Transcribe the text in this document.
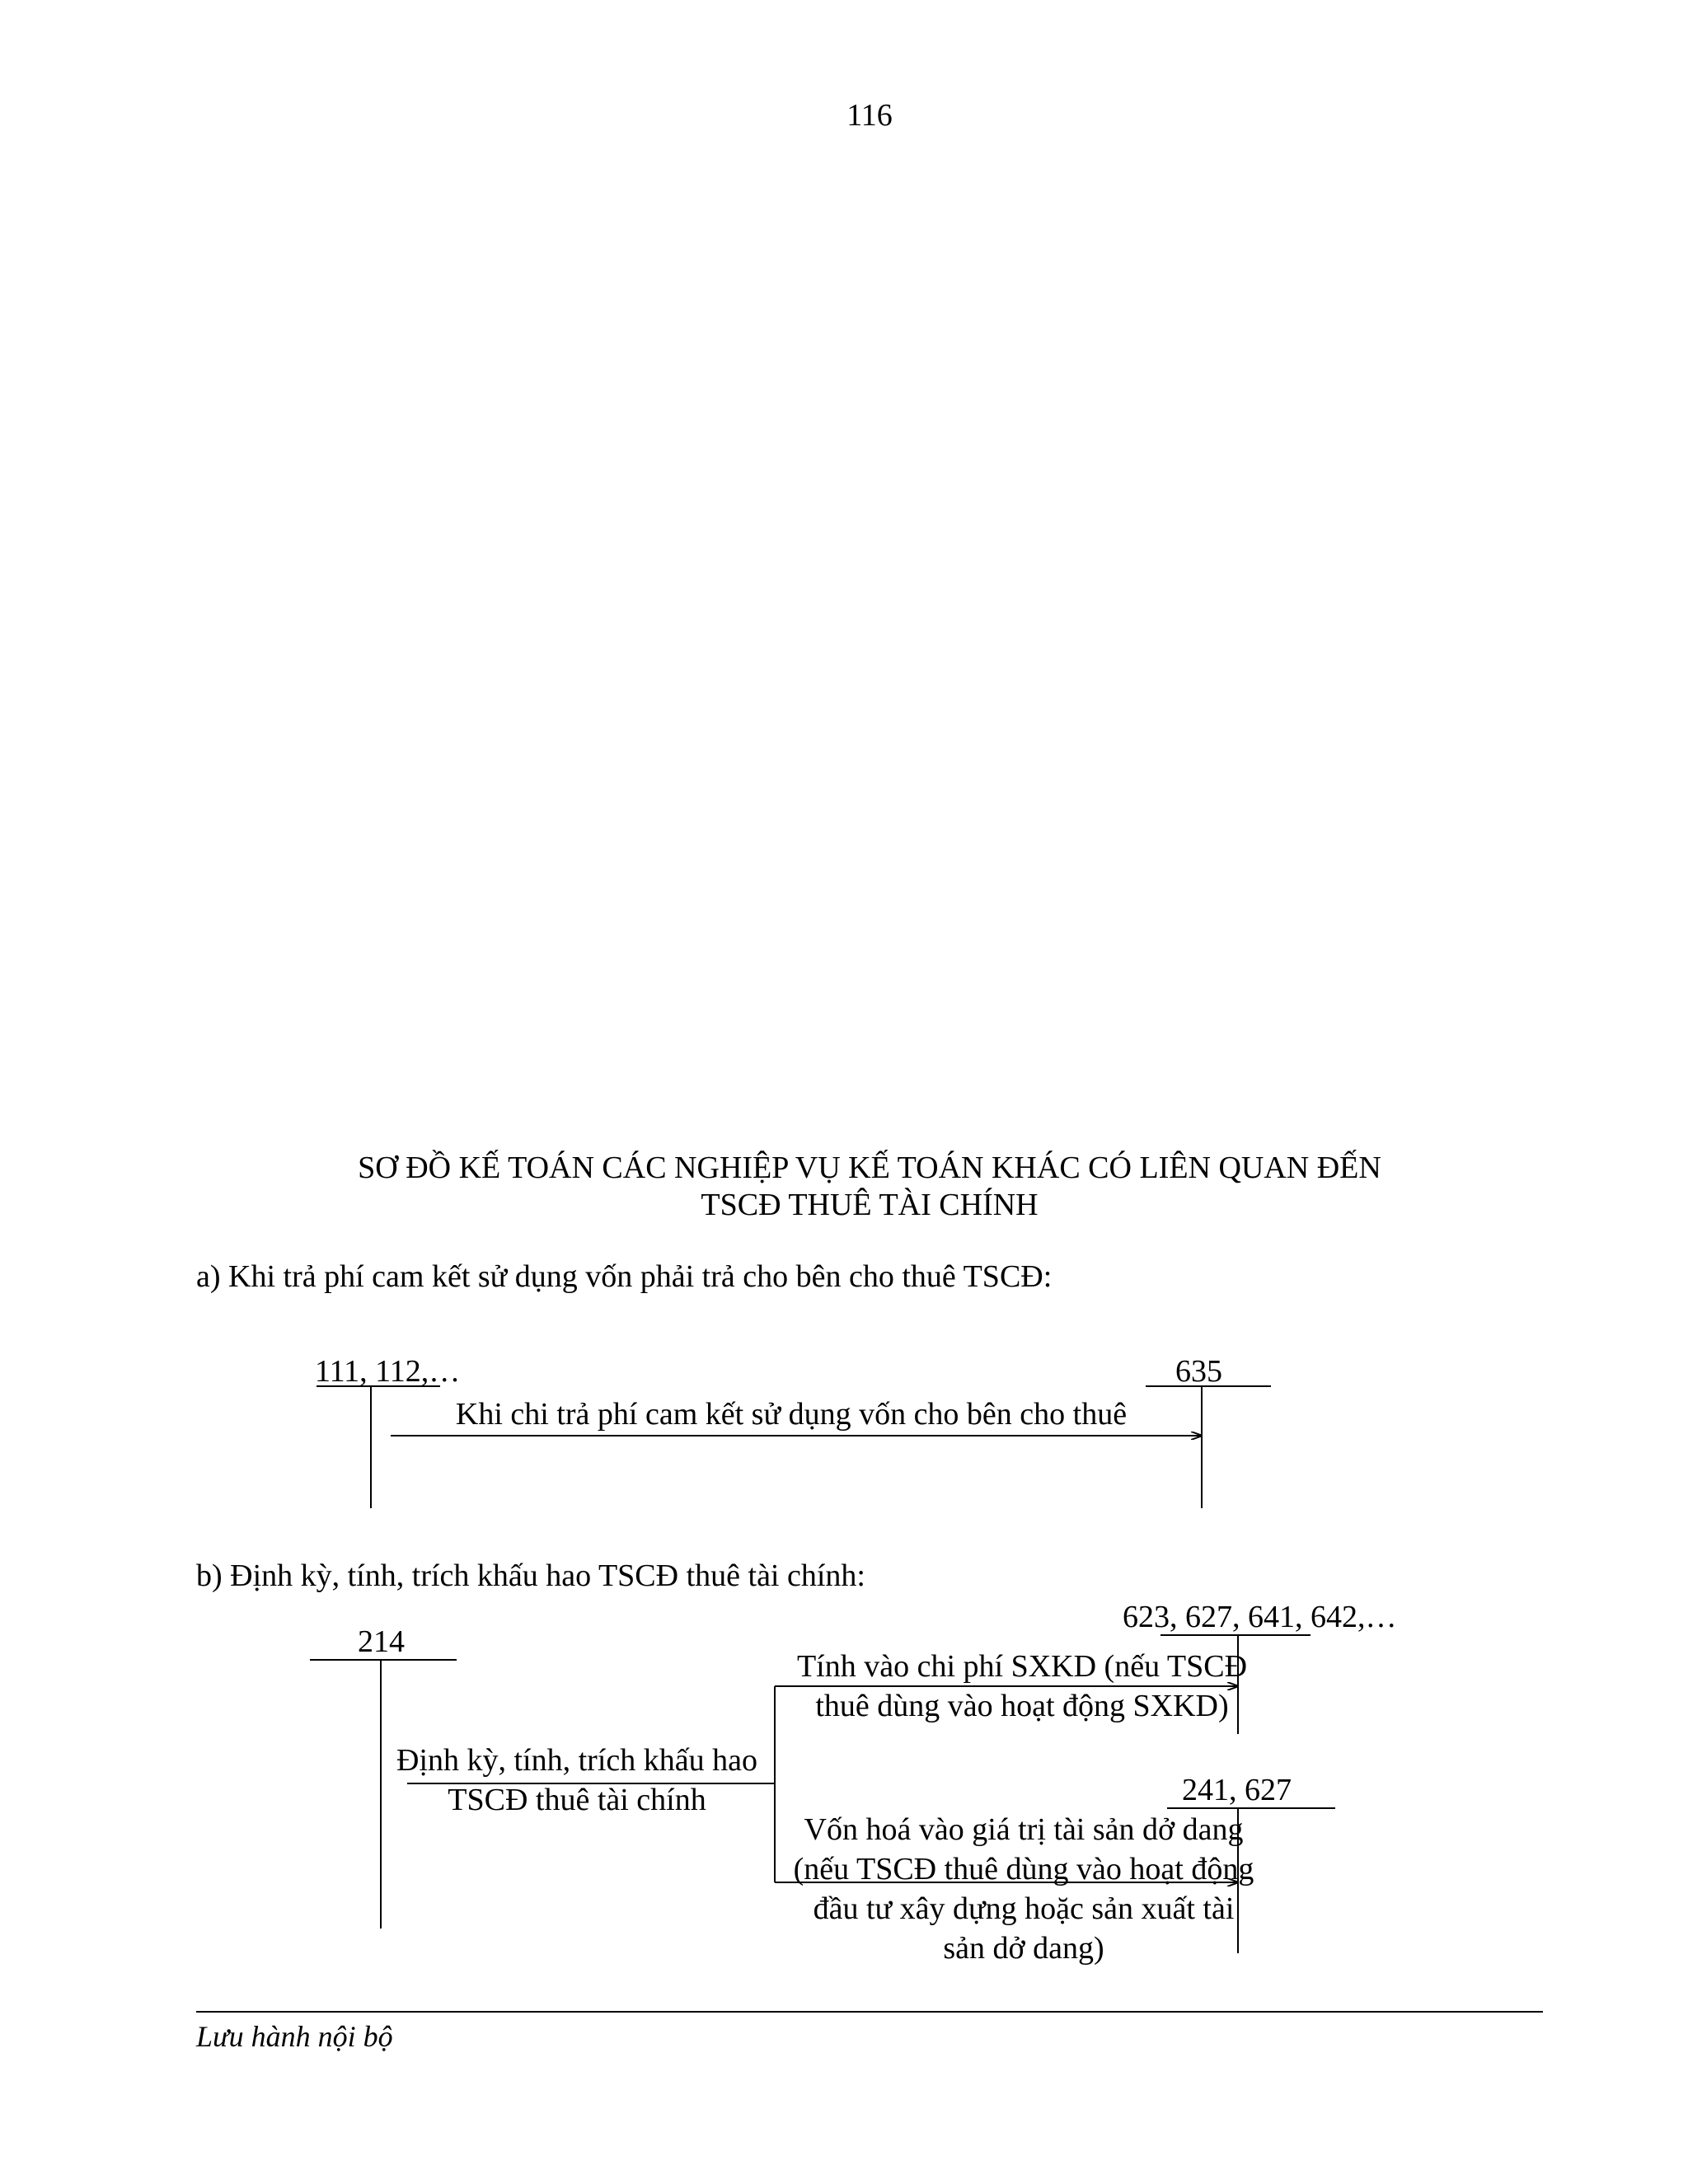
116
SƠ ĐỒ KẾ TOÁN CÁC NGHIỆP VỤ KẾ TOÁN KHÁC CÓ LIÊN QUAN ĐẾN
TSCĐ THUÊ TÀI CHÍNH
a) Khi trả phí cam kết sử dụng vốn phải trả cho bên cho thuê TSCĐ:
111, 112,…	635
Khi chi trả phí cam kết sử dụng vốn cho bên cho thuê
b) Định kỳ, tính, trích khấu hao TSCĐ thuê tài chính:
623, 627, 641, 642,…
214
Tính vào chi phí SXKD (nếu TSCĐ thuê dùng vào hoạt động SXKD)
Định kỳ, tính, trích khấu hao TSCĐ thuê tài chính	241, 627
Vốn hoá vào giá trị tài sản dở dang (nếu TSCĐ thuê dùng vào hoạt động đầu tư xây dựng hoặc sản xuất tài sản dở dang)
Lưu hành nội bộ
